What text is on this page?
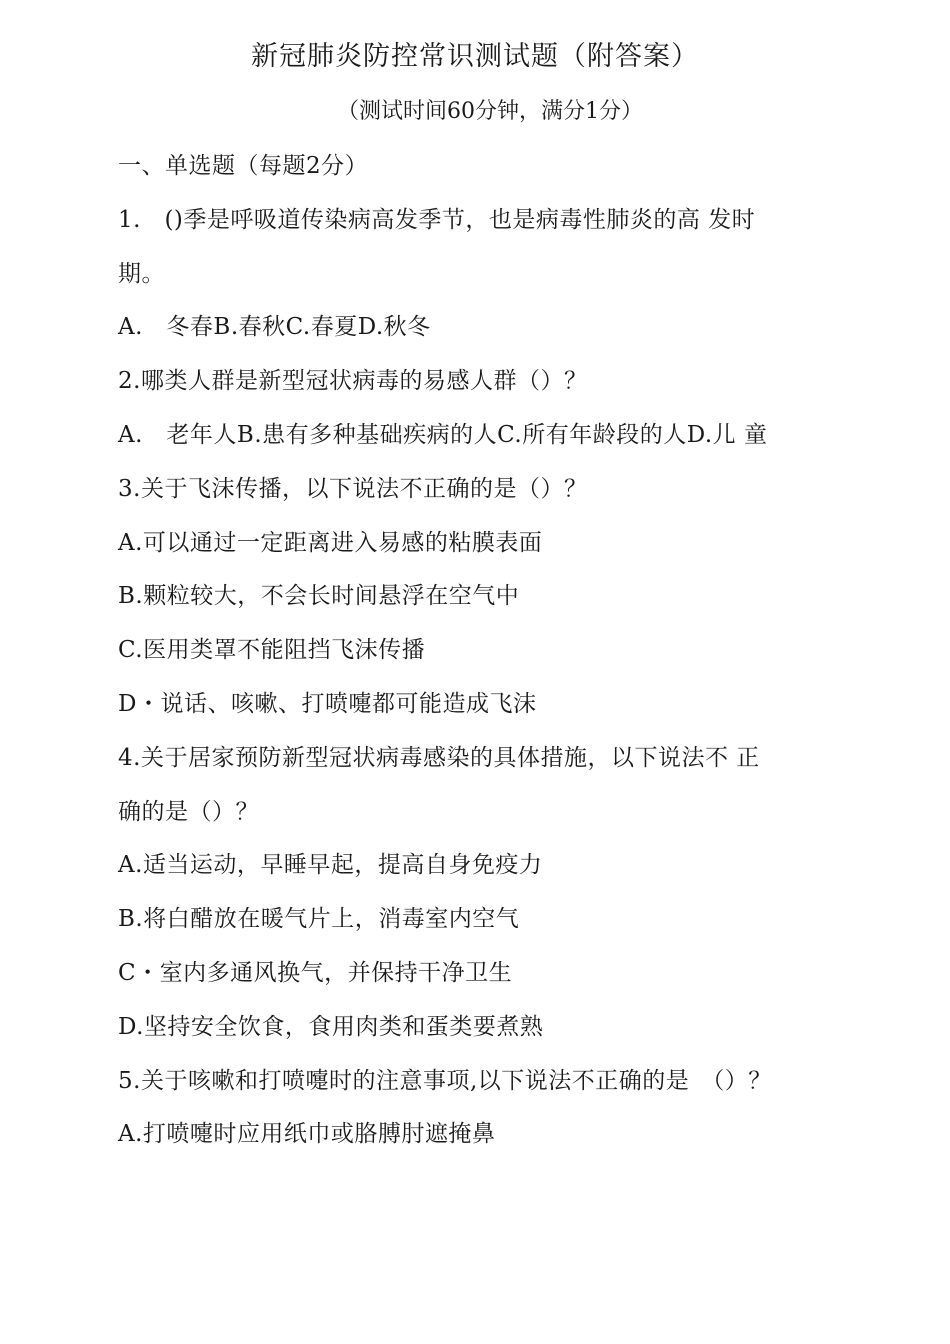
新冠肺炎防控常识测试题（附答案）
（测试时间60分钟，满分1分）
一、单选题（每题2分）
1.　()季是呼吸道传染病高发季节，也是病毒性肺炎的高 发时
期。
A.　冬春B.春秋C.春夏D.秋冬
2.哪类人群是新型冠状病毒的易感人群（）？
A.　老年人B.患有多种基础疾病的人C.所有年龄段的人D.儿 童
3.关于飞沫传播，以下说法不正确的是（）？
A.可以通过一定距离进入易感的粘膜表面
B.颗粒较大，不会长时间悬浮在空气中
C.医用类罩不能阻挡飞沫传播
D・说话、咳嗽、打喷嚏都可能造成飞沫
4.关于居家预防新型冠状病毒感染的具体措施，以下说法不 正
确的是（）？
A.适当运动，早睡早起，提高自身免疫力
B.将白醋放在暖气片上，消毒室内空气
C・室内多通风换气，并保持干净卫生
D.坚持安全饮食，食用肉类和蛋类要煮熟
5.关于咳嗽和打喷嚏时的注意事项,以下说法不正确的是　（）？
A.打喷嚏时应用纸巾或胳膊肘遮掩鼻
